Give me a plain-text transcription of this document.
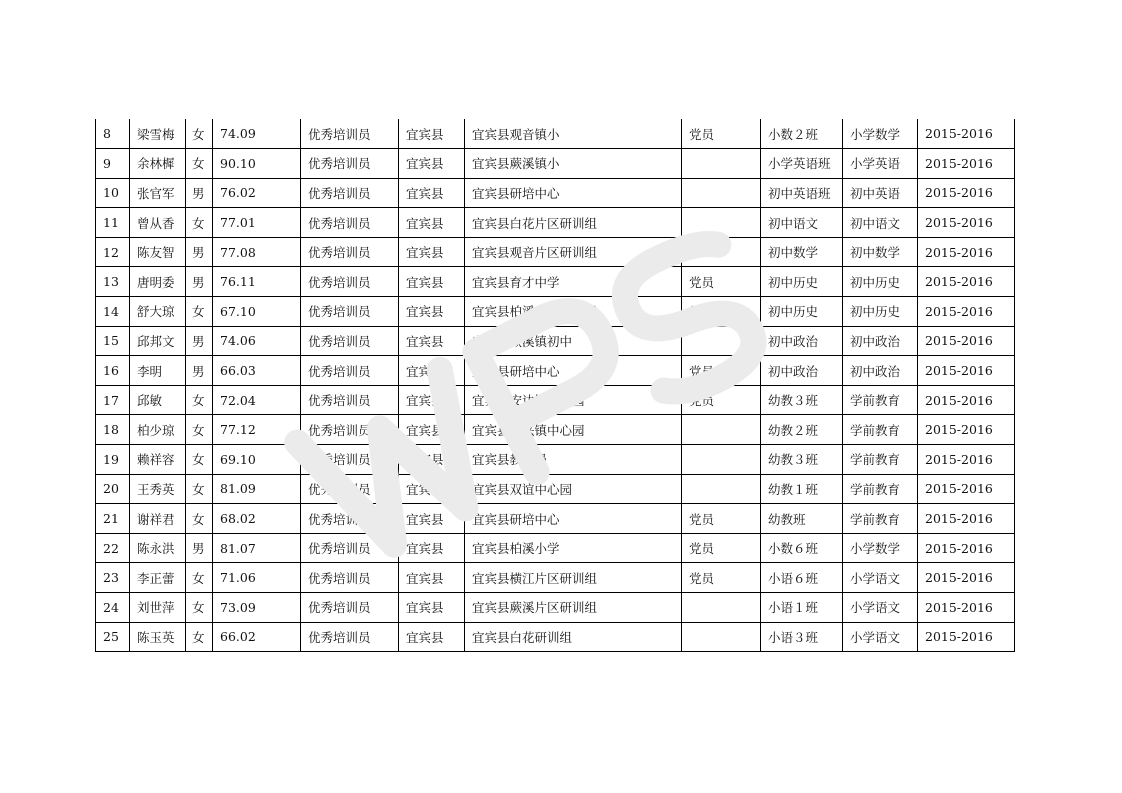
8	梁雪梅	女	74.09	优秀培训员	宜宾县	宜宾县观音镇小	党员	小数２班	小学数学	2015-2016
9	余林樨	女	90.10	优秀培训员	宜宾县	宜宾县蕨溪镇小		小学英语班	小学英语	2015-2016
10	张官军	男	76.02	优秀培训员	宜宾县	宜宾县研培中心		初中英语班	初中英语	2015-2016
11	曾从香	女	77.01	优秀培训员	宜宾县	宜宾县白花片区研训组		初中语文	初中语文	2015-2016
12	陈友智	男	77.08	优秀培训员	宜宾县	宜宾县观音片区研训组		初中数学	初中数学	2015-2016
13	唐明委	男	76.11	优秀培训员	宜宾县	宜宾县育才中学	党员	初中历史	初中历史	2015-2016
14	舒大琼	女	67.10	优秀培训员	宜宾县	宜宾县柏溪片区研训组	党员	初中历史	初中历史	2015-2016
15	邱邦文	男	74.06	优秀培训员	宜宾县	宜宾县蕨溪镇初中		初中政治	初中政治	2015-2016
16	李明	男	66.03	优秀培训员	宜宾县	宜宾县研培中心	党员	初中政治	初中政治	2015-2016
17	邱敏	女	72.04	优秀培训员	宜宾县	宜宾县安边镇中心园	党员	幼教３班	学前教育	2015-2016
18	柏少琼	女	77.12	优秀培训员	宜宾县	宜宾县永兴镇中心园		幼教２班	学前教育	2015-2016
19	赖祥容	女	69.10	优秀培训员	宜宾县	宜宾县教体局		幼教３班	学前教育	2015-2016
20	王秀英	女	81.09	优秀培训员	宜宾县	宜宾县双谊中心园		幼教１班	学前教育	2015-2016
21	谢祥君	女	68.02	优秀培训员	宜宾县	宜宾县研培中心	党员	幼教班	学前教育	2015-2016
22	陈永洪	男	81.07	优秀培训员	宜宾县	宜宾县柏溪小学	党员	小数６班	小学数学	2015-2016
23	李正蕾	女	71.06	优秀培训员	宜宾县	宜宾县横江片区研训组	党员	小语６班	小学语文	2015-2016
24	刘世萍	女	73.09	优秀培训员	宜宾县	宜宾县蕨溪片区研训组		小语１班	小学语文	2015-2016
25	陈玉英	女	66.02	优秀培训员	宜宾县	宜宾县白花研训组		小语３班	小学语文	2015-2016
